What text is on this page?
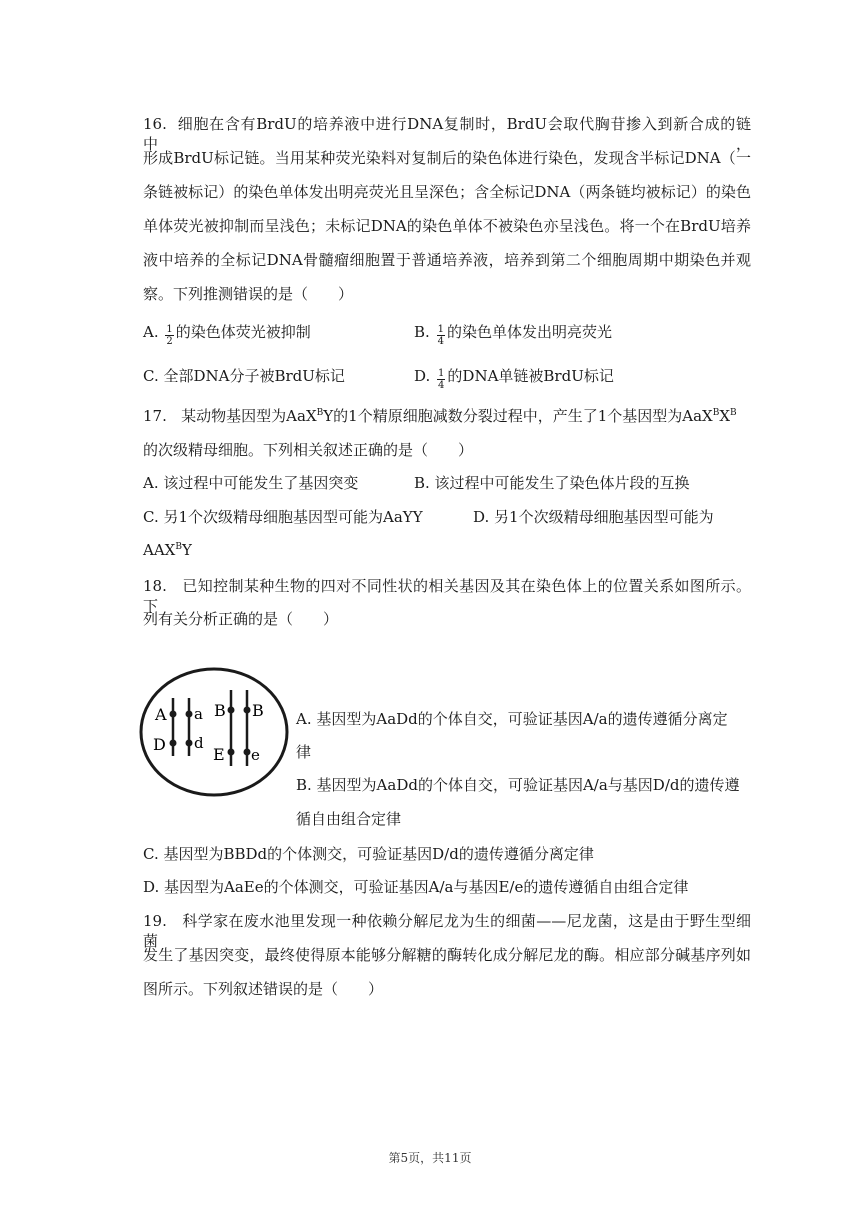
16. 细胞在含有BrdU的培养液中进行DNA复制时，BrdU会取代胸苷掺入到新合成的链中，
形成BrdU标记链。当用某种荧光染料对复制后的染色体进行染色，发现含半标记DNA（一
条链被标记）的染色单体发出明亮荧光且呈深色；含全标记DNA（两条链均被标记）的染色
单体荧光被抑制而呈浅色；未标记DNA的染色单体不被染色亦呈浅色。将一个在BrdU培养
液中培养的全标记DNA骨髓瘤细胞置于普通培养液，培养到第二个细胞周期中期染色并观
察。下列推测错误的是（　　）
A. $\frac{1}{2}$ 的染色体荧光被抑制	B. $\frac{1}{4}$ 的染色单体发出明亮荧光
C. 全部DNA分子被BrdU标记	D. $\frac{1}{4}$ 的DNA单链被BrdU标记
17. 某动物基因型为AaX$^B$Y的1个精原细胞减数分裂过程中，产生了1个基因型为$AaX^BX^B$
的次级精母细胞。下列相关叙述正确的是（　　）
A. 该过程中可能发生了基因突变	B. 该过程中可能发生了染色体片段的互换
C. 另1个次级精母细胞基因型可能为AaYY	D. 另1个次级精母细胞基因型可能为
$AAX^BY$
18. 已知控制某种生物的四对不同性状的相关基因及其在染色体上的位置关系如图所示。下
列有关分析正确的是（　　）
A a
D d
B B
E e
A. 基因型为AaDd的个体自交，可验证基因A/a的遗传遵循分离定
律
B. 基因型为AaDd的个体自交，可验证基因A/a与基因D/d的遗传遵
循自由组合定律
C. 基因型为BBDd的个体测交，可验证基因D/d的遗传遵循分离定律
D. 基因型为AaEe的个体测交，可验证基因A/a与基因E/e的遗传遵循自由组合定律
19. 科学家在废水池里发现一种依赖分解尼龙为生的细菌——尼龙菌，这是由于野生型细菌
发生了基因突变，最终使得原本能够分解糖的酶转化成分解尼龙的酶。相应部分碱基序列如
图所示。下列叙述错误的是（　　）
第5页，共11页
